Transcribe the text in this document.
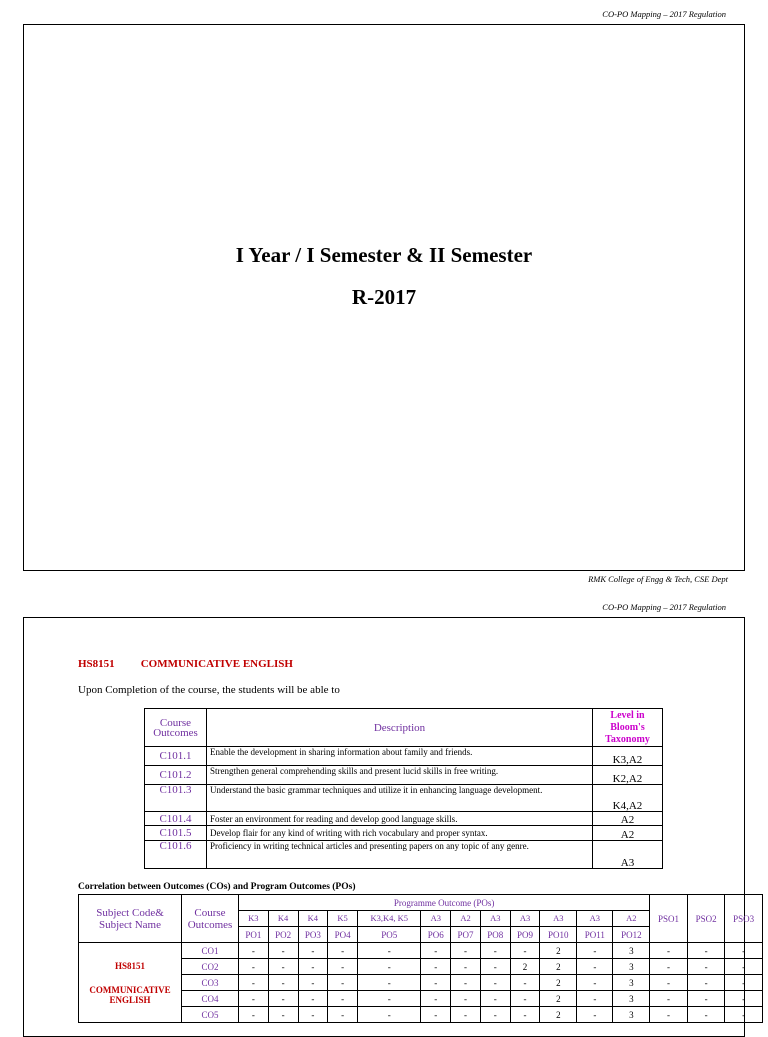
CO-PO Mapping – 2017 Regulation
I Year / I Semester & II Semester
R-2017
RMK College of Engg & Tech, CSE Dept
CO-PO Mapping – 2017 Regulation
HS8151 COMMUNICATIVE ENGLISH
Upon Completion of the course, the students will be able to
Course Outcomes	Description	Level in Bloom's Taxonomy
C101.1	Enable the development in sharing information about family and friends.	K3,A2
C101.2	Strengthen general comprehending skills and present lucid skills in free writing.	K2,A2
C101.3	Understand the basic grammar techniques and utilize it in enhancing language development.	K4,A2
C101.4	Foster an environment for reading and develop good language skills.	A2
C101.5	Develop flair for any kind of writing with rich vocabulary and proper syntax.	A2
C101.6	Proficiency in writing technical articles and presenting papers on any topic of any genre.	A3
Correlation between Outcomes (COs) and Program Outcomes (POs)
Subject Code& Subject Name	Course Outcomes	Programme Outcome (POs)												PSO1	PSO2	PSO3
		K3	K4	K4	K5	K3,K4, K5	A3	A2	A3	A3	A3	A3	A2			
		PO1	PO2	PO3	PO4	PO5	PO6	PO7	PO8	PO9	PO10	PO11	PO12			

HS8151
COMMUNICATIVE ENGLISH	CO1	-	-	-	-	-	-	-	-	-	2	-	3	-	-	-
	CO2	-	-	-	-	-	-	-	-	2	2	-	3	-	-	-
	CO3	-	-	-	-	-	-	-	-	-	2	-	3	-	-	-
	CO4	-	-	-	-	-	-	-	-	-	2	-	3	-	-	-
	CO5	-	-	-	-	-	-	-	-	-	2	-	3	-	-	-
